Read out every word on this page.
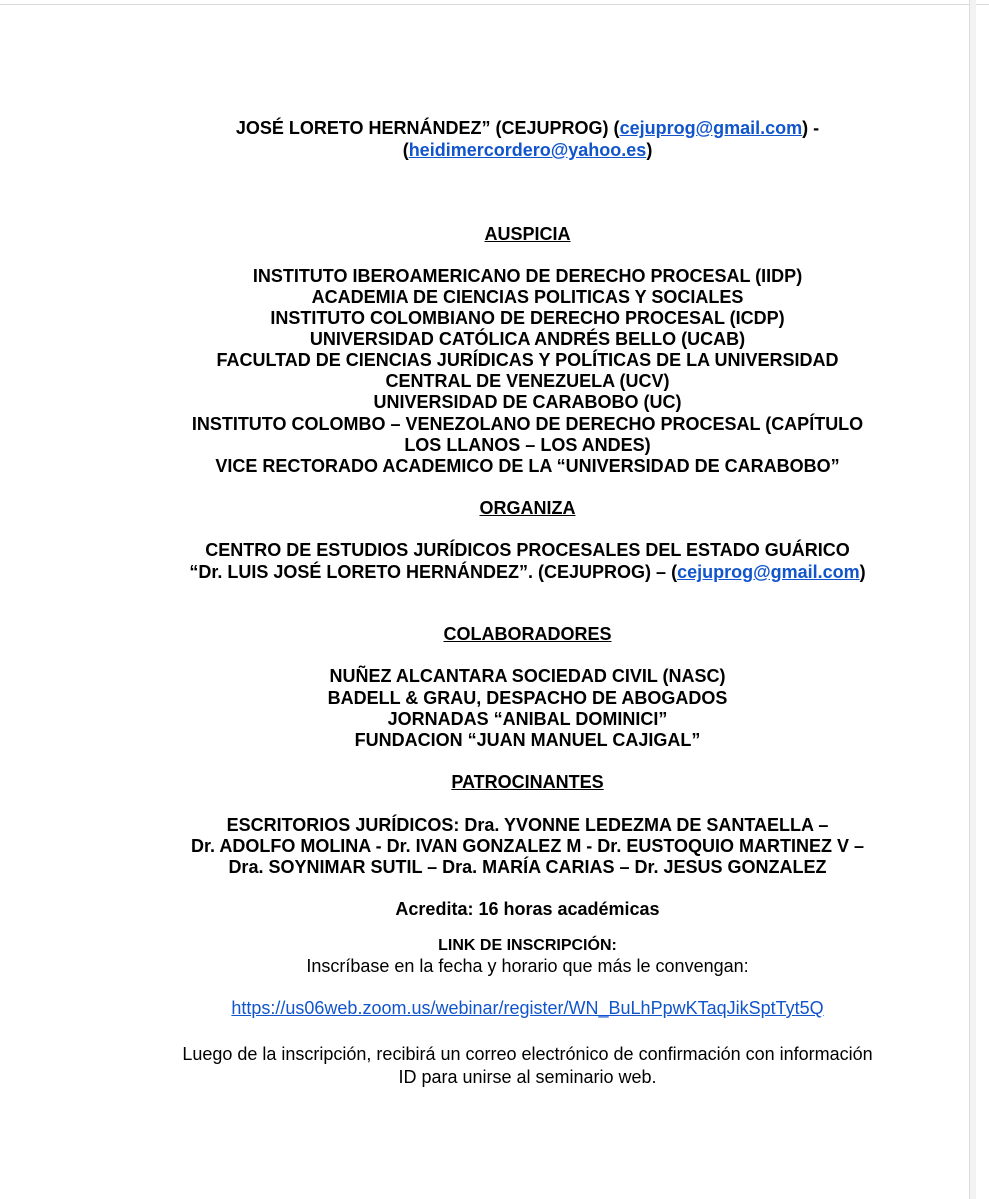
JOSÉ LORETO HERNÁNDEZ” (CEJUPROG) (cejuprog@gmail.com) -
(heidimercordero@yahoo.es)
AUSPICIA
INSTITUTO IBEROAMERICANO DE DERECHO PROCESAL (IIDP)
ACADEMIA DE CIENCIAS POLITICAS Y SOCIALES
INSTITUTO COLOMBIANO DE DERECHO PROCESAL (ICDP)
UNIVERSIDAD CATÓLICA ANDRÉS BELLO (UCAB)
FACULTAD DE CIENCIAS JURÍDICAS Y POLÍTICAS DE LA UNIVERSIDAD
CENTRAL DE VENEZUELA (UCV)
UNIVERSIDAD DE CARABOBO (UC)
INSTITUTO COLOMBO – VENEZOLANO DE DERECHO PROCESAL (CAPÍTULO
LOS LLANOS – LOS ANDES)
VICE RECTORADO ACADEMICO DE LA “UNIVERSIDAD DE CARABOBO”
ORGANIZA
CENTRO DE ESTUDIOS JURÍDICOS PROCESALES DEL ESTADO GUÁRICO
“Dr. LUIS JOSÉ LORETO HERNÁNDEZ”. (CEJUPROG) – (cejuprog@gmail.com)
COLABORADORES
NUÑEZ ALCANTARA SOCIEDAD CIVIL (NASC)
BADELL & GRAU, DESPACHO DE ABOGADOS
JORNADAS “ANIBAL DOMINICI”
FUNDACION “JUAN MANUEL CAJIGAL”
PATROCINANTES
ESCRITORIOS JURÍDICOS: Dra. YVONNE LEDEZMA DE SANTAELLA –
Dr. ADOLFO MOLINA - Dr. IVAN GONZALEZ M - Dr. EUSTOQUIO MARTINEZ V –
Dra. SOYNIMAR SUTIL – Dra. MARÍA CARIAS – Dr. JESUS GONZALEZ
Acredita: 16 horas académicas
LINK DE INSCRIPCIÓN:
Inscríbase en la fecha y horario que más le convengan:
https://us06web.zoom.us/webinar/register/WN_BuLhPpwKTaqJikSptTyt5Q
Luego de la inscripción, recibirá un correo electrónico de confirmación con información
ID para unirse al seminario web.
